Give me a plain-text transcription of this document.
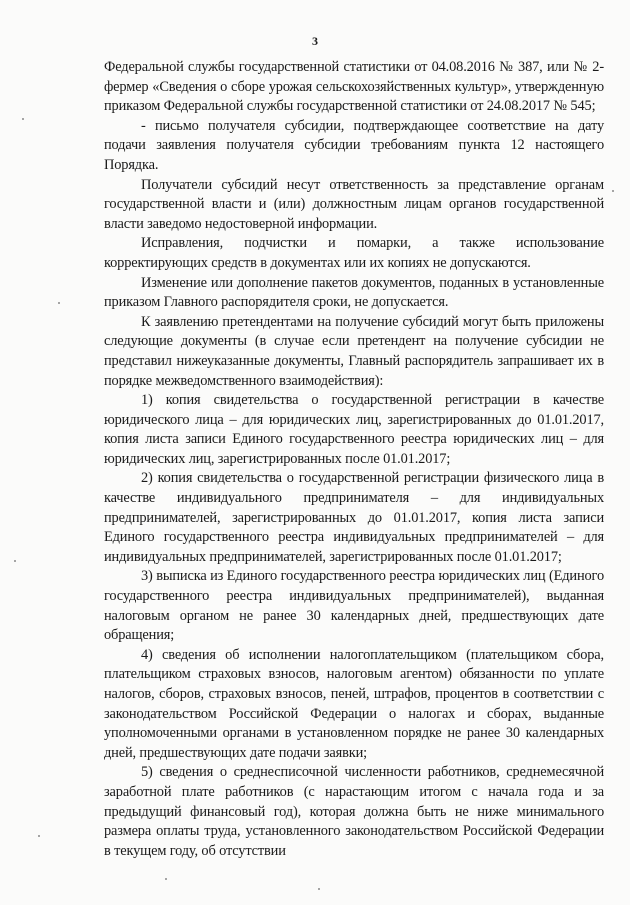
3

Федеральной службы государственной статистики от 04.08.2016 № 387, или № 2-фермер «Сведения о сборе урожая сельскохозяйственных культур», утвержденную приказом Федеральной службы государственной статистики от 24.08.2017 № 545;

- письмо получателя субсидии, подтверждающее соответствие на дату подачи заявления получателя субсидии требованиям пункта 12 настоящего Порядка.

Получатели субсидий несут ответственность за представление органам государственной власти и (или) должностным лицам органов государственной власти заведомо недостоверной информации.

Исправления, подчистки и помарки, а также использование корректирующих средств в документах или их копиях не допускаются.

Изменение или дополнение пакетов документов, поданных в установленные приказом Главного распорядителя сроки, не допускается.

К заявлению претендентами на получение субсидий могут быть приложены следующие документы (в случае если претендент на получение субсидии не представил нижеуказанные документы, Главный распорядитель запрашивает их в порядке межведомственного взаимодействия):

1) копия свидетельства о государственной регистрации в качестве юридического лица – для юридических лиц, зарегистрированных до 01.01.2017, копия листа записи Единого государственного реестра юридических лиц – для юридических лиц, зарегистрированных после 01.01.2017;

2) копия свидетельства о государственной регистрации физического лица в качестве индивидуального предпринимателя – для индивидуальных предпринимателей, зарегистрированных до 01.01.2017, копия листа записи Единого государственного реестра индивидуальных предпринимателей – для индивидуальных предпринимателей, зарегистрированных после 01.01.2017;

3) выписка из Единого государственного реестра юридических лиц (Единого государственного реестра индивидуальных предпринимателей), выданная налоговым органом не ранее 30 календарных дней, предшествующих дате обращения;

4) сведения об исполнении налогоплательщиком (плательщиком сбора, плательщиком страховых взносов, налоговым агентом) обязанности по уплате налогов, сборов, страховых взносов, пеней, штрафов, процентов в соответствии с законодательством Российской Федерации о налогах и сборах, выданные уполномоченными органами в установленном порядке не ранее 30 календарных дней, предшествующих дате подачи заявки;

5) сведения о среднесписочной численности работников, среднемесячной заработной плате работников (с нарастающим итогом с начала года и за предыдущий финансовый год), которая должна быть не ниже минимального размера оплаты труда, установленного законодательством Российской Федерации в текущем году, об отсутствии
